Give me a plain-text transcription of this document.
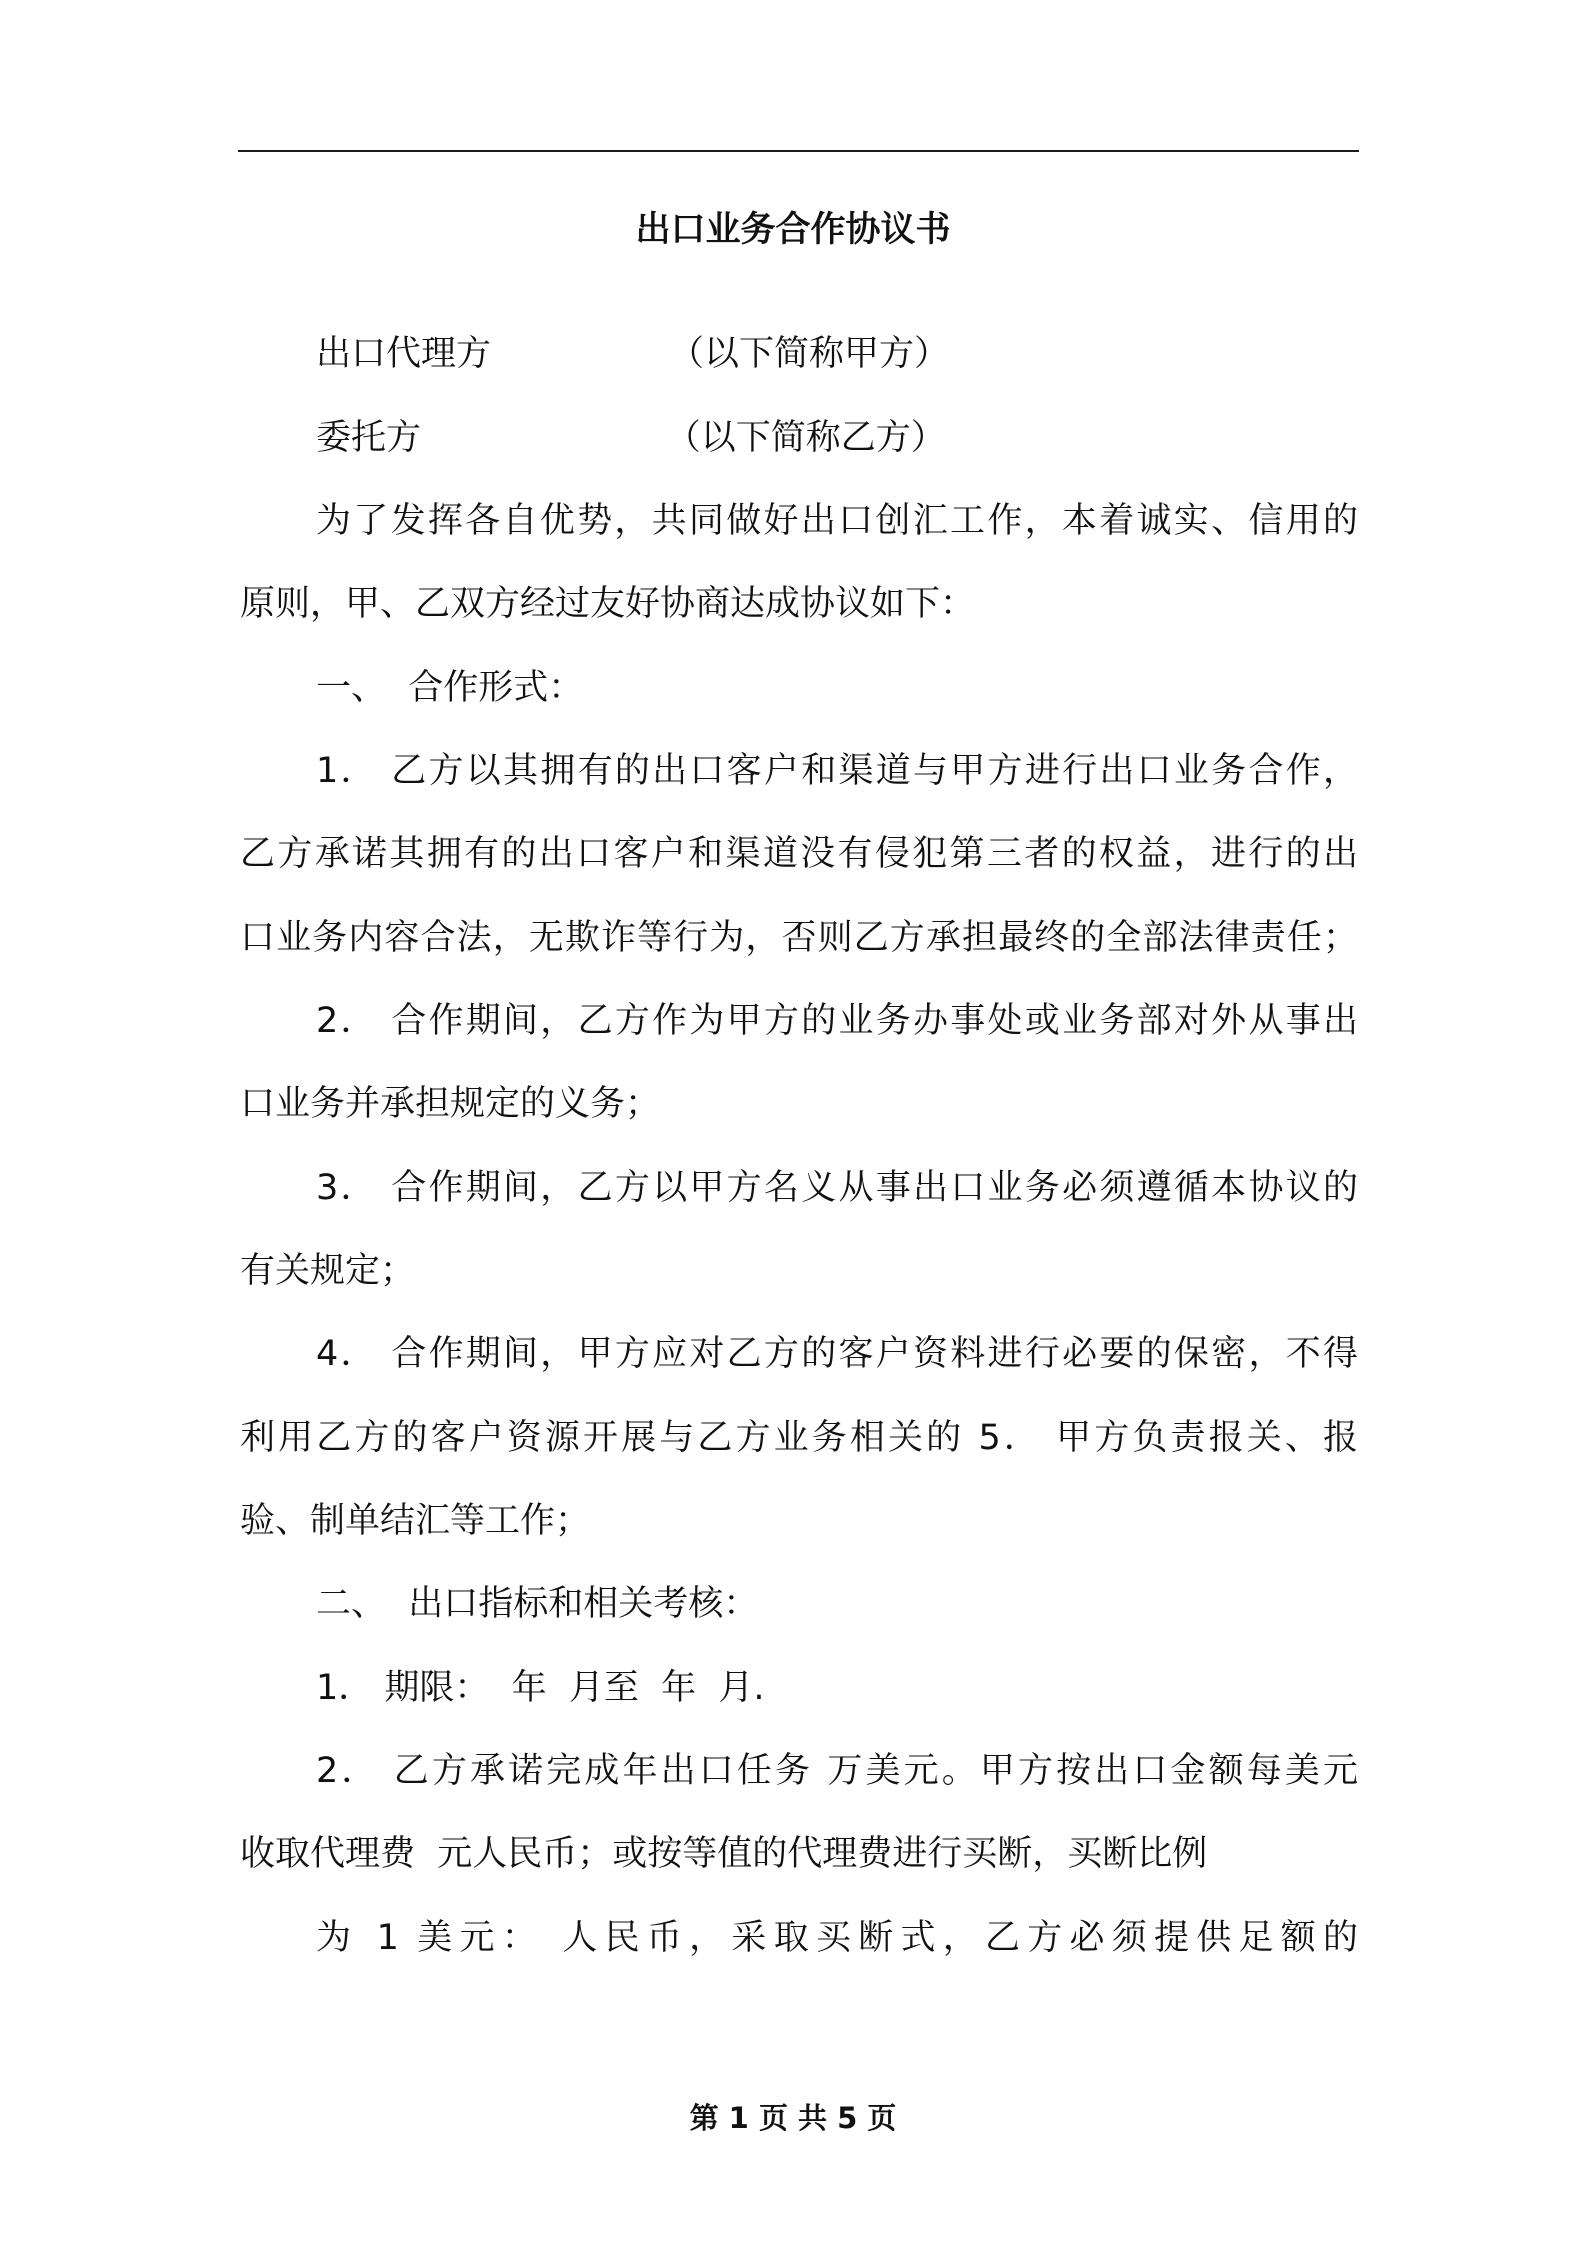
出口业务合作协议书
出口代理方                （以下简称甲方）
委托方                      （以下简称乙方）
为了发挥各自优势，共同做好出口创汇工作，本着诚实、信用的
原则，甲、乙双方经过友好协商达成协议如下：
一、  合作形式：
1． 乙方以其拥有的出口客户和渠道与甲方进行出口业务合作，
乙方承诺其拥有的出口客户和渠道没有侵犯第三者的权益，进行的出
口业务内容合法，无欺诈等行为，否则乙方承担最终的全部法律责任；
2． 合作期间，乙方作为甲方的业务办事处或业务部对外从事出
口业务并承担规定的义务；
3． 合作期间，乙方以甲方名义从事出口业务必须遵循本协议的
有关规定；
4． 合作期间，甲方应对乙方的客户资料进行必要的保密，不得
利用乙方的客户资源开展与乙方业务相关的 5． 甲方负责报关、报
验、制单结汇等工作；
二、  出口指标和相关考核：
1． 期限：  年  月至  年  月.
2． 乙方承诺完成年出口任务 万美元。甲方按出口金额每美元
收取代理费  元人民币；或按等值的代理费进行买断，买断比例
为 1 美元： 人民币，采取买断式，乙方必须提供足额的
第 1 页 共 5 页
